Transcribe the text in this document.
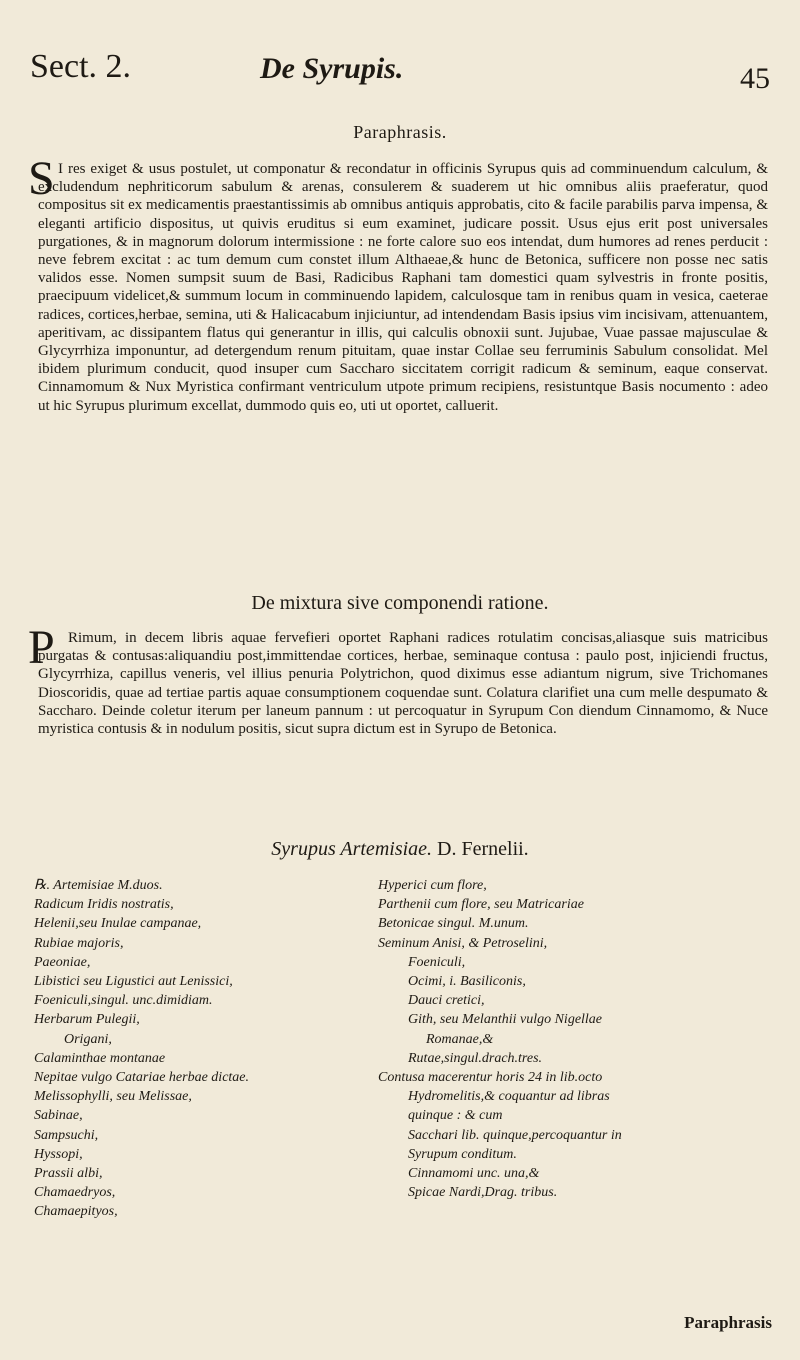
Sect. 2.	De Syrupis.	45
Paraphrasis.
S I res exiget & usus postulet, ut componatur & recondatur in officinis Syrupus quis ad comminuendum calculum, & excludendum nephriticorum sabulum & arenas, consulerem & suaderem ut hic omnibus aliis praeferatur, quod compositus sit ex medicamentis praestantissimis ab omnibus antiquis approbatis, cito & facile parabilis parva impensa, & eleganti artificio dispositus, ut quivis eruditus si eum examinet, judicare possit. Usus ejus erit post universales purgationes, & in magnorum dolorum intermissione : ne forte calore suo eos intendat, dum humores ad renes perducit : neve febrem excitat : ac tum demum cum constet illum Althaeae,& hunc de Betonica, sufficere non posse nec satis validos esse. Nomen sumpsit suum de Basi, Radicibus Raphani tam domestici quam sylvestris in fronte positis, praecipuum videlicet,& summum locum in comminuendo lapidem, calculosque tam in renibus quam in vesica, caeterae radices, cortices,herbae, semina, uti & Halicacabum injiciuntur, ad intendendam Basis ipsius vim incisivam, attenuantem, aperitivam, ac dissipantem flatus qui generantur in illis, qui calculis obnoxii sunt. Jujubae, Vuae passae majusculae & Glycyrrhiza imponuntur, ad detergendum renum pituitam, quae instar Collae seu ferruminis Sabulum consolidat. Mel ibidem plurimum conducit, quod insuper cum Saccharo siccitatem corrigit radicum & seminum, eaque conservat. Cinnamomum & Nux Myristica confirmant ventriculum utpote primum recipiens, resistuntque Basis nocumento : adeo ut hic Syrupus plurimum excellat, dummodo quis eo, uti ut oportet, calluerit.
De mixtura sive componendi ratione.
P Rimum, in decem libris aquae fervefieri oportet Raphani radices rotulatim concisas,aliasque suis matricibus purgatas & contusas:aliquandiu post,immittendae cortices, herbae, seminaque contusa : paulo post, injiciendi fructus, Glycyrrhiza, capillus veneris, vel illius penuria Polytrichon, quod diximus esse adiantum nigrum, sive Trichomanes Dioscoridis, quae ad tertiae partis aquae consumptionem coquendae sunt. Colatura clarifiet una cum melle despumato & Saccharo. Deinde coletur iterum per laneum pannum : ut percoquatur in Syrupum Con diendum Cinnamomo, & Nuce myristica contusis & in nodulum positis, sicut supra dictum est in Syrupo de Betonica.
Syrupus Artemisiae. D. Fernelii.
℞. Artemisiae M.duos.
Radicum Iridis nostratis,
Helenii,seu Inulae campanae,
Rubiae majoris,
Paeoniae,
Libistici seu Ligustici aut Lenissici,
Foeniculi,singul. unc.dimidiam.
Herbarum Pulegii,
Origani,
Calaminthae montanae
Nepitae vulgo Catariae herbae dictae.
Melissophylli, seu Melissae,
Sabinae,
Sampsuchi,
Hyssopi,
Prassii albi,
Chamaedryos,
Chamaepityos,
Hyperici cum flore,
Parthenii cum flore, seu Matricariae
Betonicae singul. M.unum.
Seminum Anisi, & Petroselini,
Foeniculi,
Ocimi, i. Basiliconis,
Dauci cretici,
Gith, seu Melanthii vulgo Nigellae
Romanae,&
Rutae,singul.drach.tres.
Contusa macerentur horis 24 in lib.octo
Hydromelitis,& coquantur ad libras
quinque : & cum
Sacchari lib. quinque,percoquantur in
Syrupum conditum.
Cinnamomi unc. una,&
Spicae Nardi,Drag. tribus.
Paraphrasis
